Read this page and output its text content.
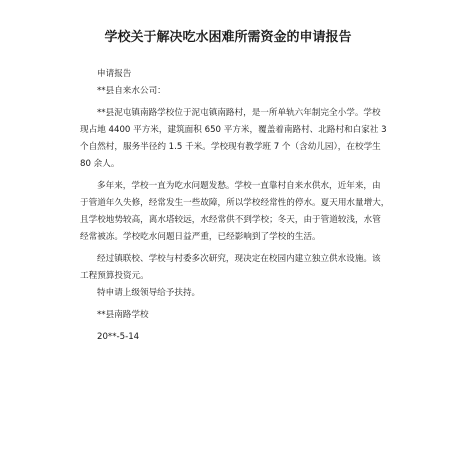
学校关于解决吃水困难所需资金的申请报告
申请报告
**县自来水公司：
**县泥屯镇南路学校位于泥屯镇南路村，是一所单轨六年制完全小学。学校
现占地 4400 平方米，建筑面积 650 平方米，覆盖着南路村、北路村和白家社 3
个自然村，服务半径约 1.5 千米。学校现有教学班 7 个（含幼儿园），在校学生
80 余人。
多年来，学校一直为吃水问题发愁。学校一直靠村自来水供水，近年来，由
于管道年久失修，经常发生一些故障，所以学校经常性的停水。夏天用水量增大，
且学校地势较高，离水塔较远，水经常供不到学校；冬天，由于管道较浅，水管
经常被冻。学校吃水问题日益严重，已经影响到了学校的生活。
经过镇联校、学校与村委多次研究，现决定在校园内建立独立供水设施。该
工程预算投资元。
特申请上级领导给予扶持。
**县南路学校
20**-5-14
